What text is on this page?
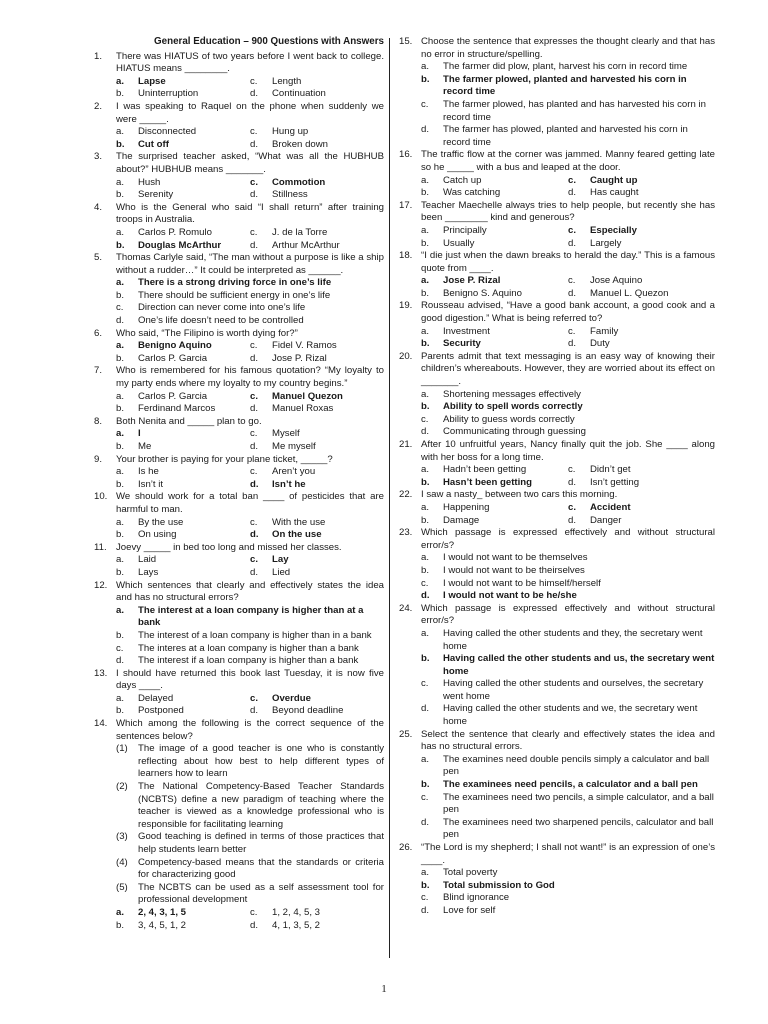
General Education – 900 Questions with Answers
1.	There was HIATUS of two years before I went back to college. HIATUS means ________.
a.	Lapse	c.	Length
b.	Uninterruption	d.	Continuation
2.	I was speaking to Raquel on the phone when suddenly we were _____.
a.	Disconnected	c.	Hung up
b.	Cut off	d.	Broken down
3.	The surprised teacher asked, “What was all the HUBHUB about?” HUBHUB means _______.
a.	Hush	c.	Commotion
b.	Serenity	d.	Stillness
4.	Who is the General who said “I shall return” after training troops in Australia.
a.	Carlos P. Romulo	c.	J. de la Torre
b.	Douglas McArthur	d.	Arthur McArthur
5.	Thomas Carlyle said, “The man without a purpose is like a ship without a rudder…” It could be interpreted as ______.
a.	There is a strong driving force in one’s life
b.	There should be sufficient energy in one’s life
c.	Direction can never come into one’s life
d.	One’s life doesn’t need to be controlled
6.	Who said, “The Filipino is worth dying for?”
a.	Benigno Aquino	c.	Fidel V. Ramos
b.	Carlos P. Garcia	d.	Jose P. Rizal
7.	Who is remembered for his famous quotation? “My loyalty to my party ends where my loyalty to my country begins.”
a.	Carlos P. Garcia	c.	Manuel Quezon
b.	Ferdinand Marcos	d.	Manuel Roxas
8.	Both Nenita and _____ plan to go.
a.	I	c.	Myself
b.	Me	d.	Me myself
9.	Your brother is paying for your plane ticket, _____?
a.	Is he	c.	Aren’t you
b.	Isn’t it	d.	Isn’t he
10. We should work for a total ban ____ of pesticides that are harmful to man.
a.	By the use	c.	With the use
b.	On using	d.	On the use
11. Joevy _____ in bed too long and missed her classes.
a.	Laid	c.	Lay
b.	Lays	d.	Lied
12. Which sentences that clearly and effectively states the idea and has no structural errors?
a.	The interest at a loan company is higher than at a bank
b.	The interest of a loan company is higher than in a bank
c.	The interes at a loan company is higher than a bank
d.	The interest if a loan company is higher than a bank
13. I should have returned this book last Tuesday, it is now five days ____.
a.	Delayed	c.	Overdue
b.	Postponed	d.	Beyond deadline
14. Which among the following is the correct sequence of the sentences below?
(1)	The image of a good teacher is one who is constantly reflecting about how best to help different types of learners how to learn
(2)	The National Competency-Based Teacher Standards (NCBTS) define a new paradigm of teaching where the teacher is viewed as a knowledge professional who is responsible for facilitating learning
(3)	Good teaching is defined in terms of those practices that help students learn better
(4)	Competency-based means that the standards or criteria for characterizing good
(5)	The NCBTS can be used as a self assessment tool for professional development
a.	2, 4, 3, 1, 5	c.	1, 2, 4, 5, 3
b.	3, 4, 5, 1, 2	d.	4, 1, 3, 5, 2
15. Choose the sentence that expresses the thought clearly and that has no error in structure/spelling.
a.	The farmer did plow, plant, harvest his corn in record time
b.	The farmer plowed, planted and harvested his corn in record time
c.	The farmer plowed, has planted and has harvested his corn in record time
d.	The farmer has plowed, planted and harvested his corn in record time
16. The traffic flow at the corner was jammed. Manny feared getting late so he _____ with a bus and leaped at the door.
a.	Catch up	c.	Caught up
b.	Was catching	d.	Has caught
17. Teacher Maechelle always tries to help people, but recently she has been ________ kind and generous?
a.	Principally	c.	Especially
b.	Usually	d.	Largely
18. “I die just when the dawn breaks to herald the day.” This is a famous quote from ____.
a.	Jose P. Rizal	c.	Jose Aquino
b.	Benigno S. Aquino	d.	Manuel L. Quezon
19. Rousseau advised, “Have a good bank account, a good cook and a good digestion.” What is being referred to?
a.	Investment	c.	Family
b.	Security	d.	Duty
20. Parents admit that text messaging is an easy way of knowing their children’s whereabouts. However, they are worried about its effect on _______.
a.	Shortening messages effectively
b.	Ability to spell words correctly
c.	Ability to guess words correctly
d.	Communicating through guessing
21. After 10 unfruitful years, Nancy finally quit the job. She ____ along with her boss for a long time.
a.	Hadn’t been getting	c.	Didn’t get
b.	Hasn’t been getting	d.	Isn’t getting
22. I saw a nasty_ between two cars this morning.
a.	Happening	c.	Accident
b.	Damage	d.	Danger
23. Which passage is expressed effectively and without structural error/s?
a.	I would not want to be themselves
b.	I would not want to be theirselves
c.	I would not want to be himself/herself
d.	I would not want to be he/she
24. Which passage is expressed effectively and without structural error/s?
a.	Having called the other students and they, the secretary went home
b.	Having called the other students and us, the secretary went home
c.	Having called the other students and ourselves, the secretary went home
d.	Having called the other students and we, the secretary went home
25. Select the sentence that clearly and effectively states the idea and has no structural errors.
a.	The examines need double pencils simply a calculator and ball pen
b.	The examinees need pencils, a calculator and a ball pen
c.	The examinees need two pencils, a simple calculator, and a ball pen
d.	The examinees need two sharpened pencils, calculator and ball pen
26. “The Lord is my shepherd; I shall not want!” is an expression of one’s ____.
a.	Total poverty
b.	Total submission to God
c.	Blind ignorance
d.	Love for self
1
